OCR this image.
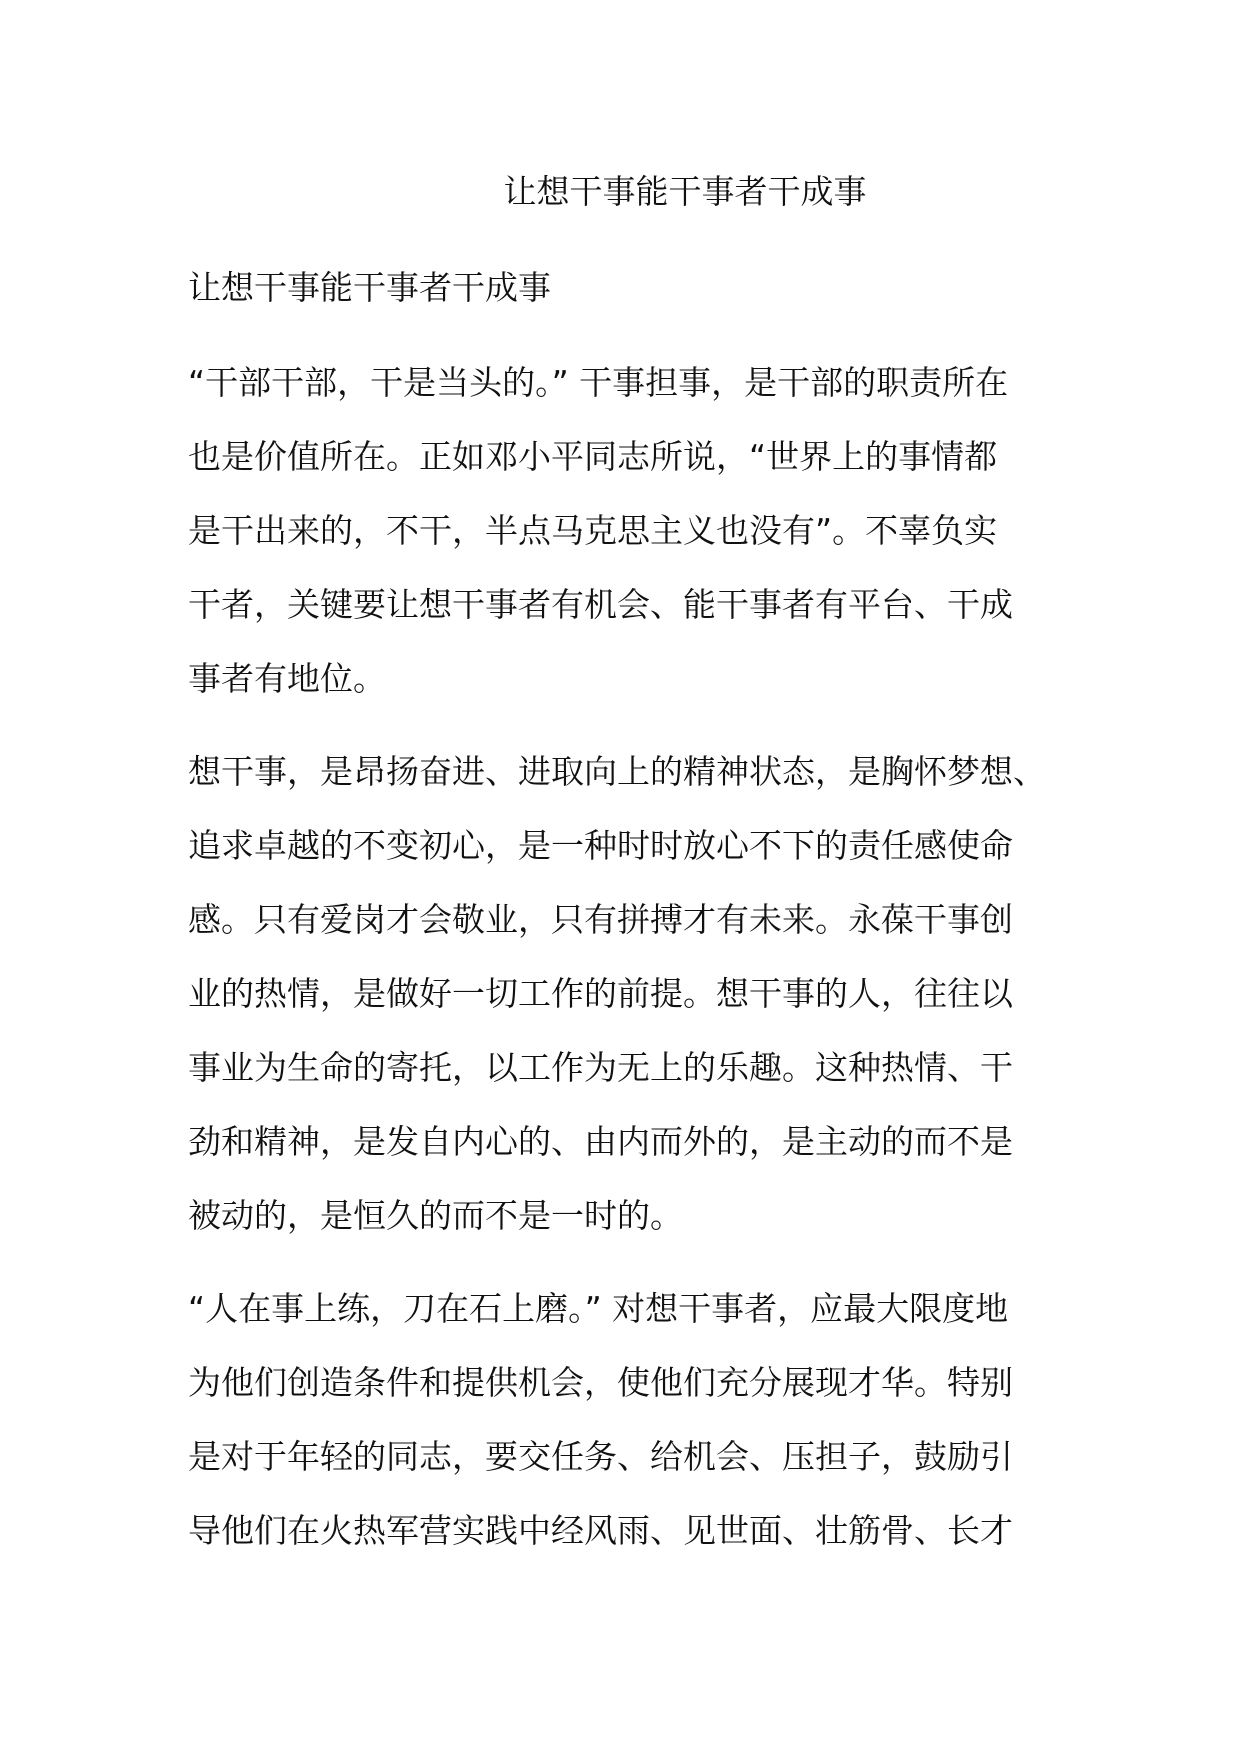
让想干事能干事者干成事
让想干事能干事者干成事
“干部干部，干是当头的。” 干事担事，是干部的职责所在
也是价值所在。正如邓小平同志所说，“世界上的事情都
是干出来的，不干，半点马克思主义也没有”。不辜负实
干者，关键要让想干事者有机会、能干事者有平台、干成
事者有地位。
想干事，是昂扬奋进、进取向上的精神状态，是胸怀梦想、
追求卓越的不变初心，是一种时时放心不下的责任感使命
感。只有爱岗才会敬业，只有拼搏才有未来。永葆干事创
业的热情，是做好一切工作的前提。想干事的人，往往以
事业为生命的寄托，以工作为无上的乐趣。这种热情、干
劲和精神，是发自内心的、由内而外的，是主动的而不是
被动的，是恒久的而不是一时的。
“人在事上练，刀在石上磨。” 对想干事者，应最大限度地
为他们创造条件和提供机会，使他们充分展现才华。特别
是对于年轻的同志，要交任务、给机会、压担子，鼓励引
导他们在火热军营实践中经风雨、见世面、壮筋骨、长才
